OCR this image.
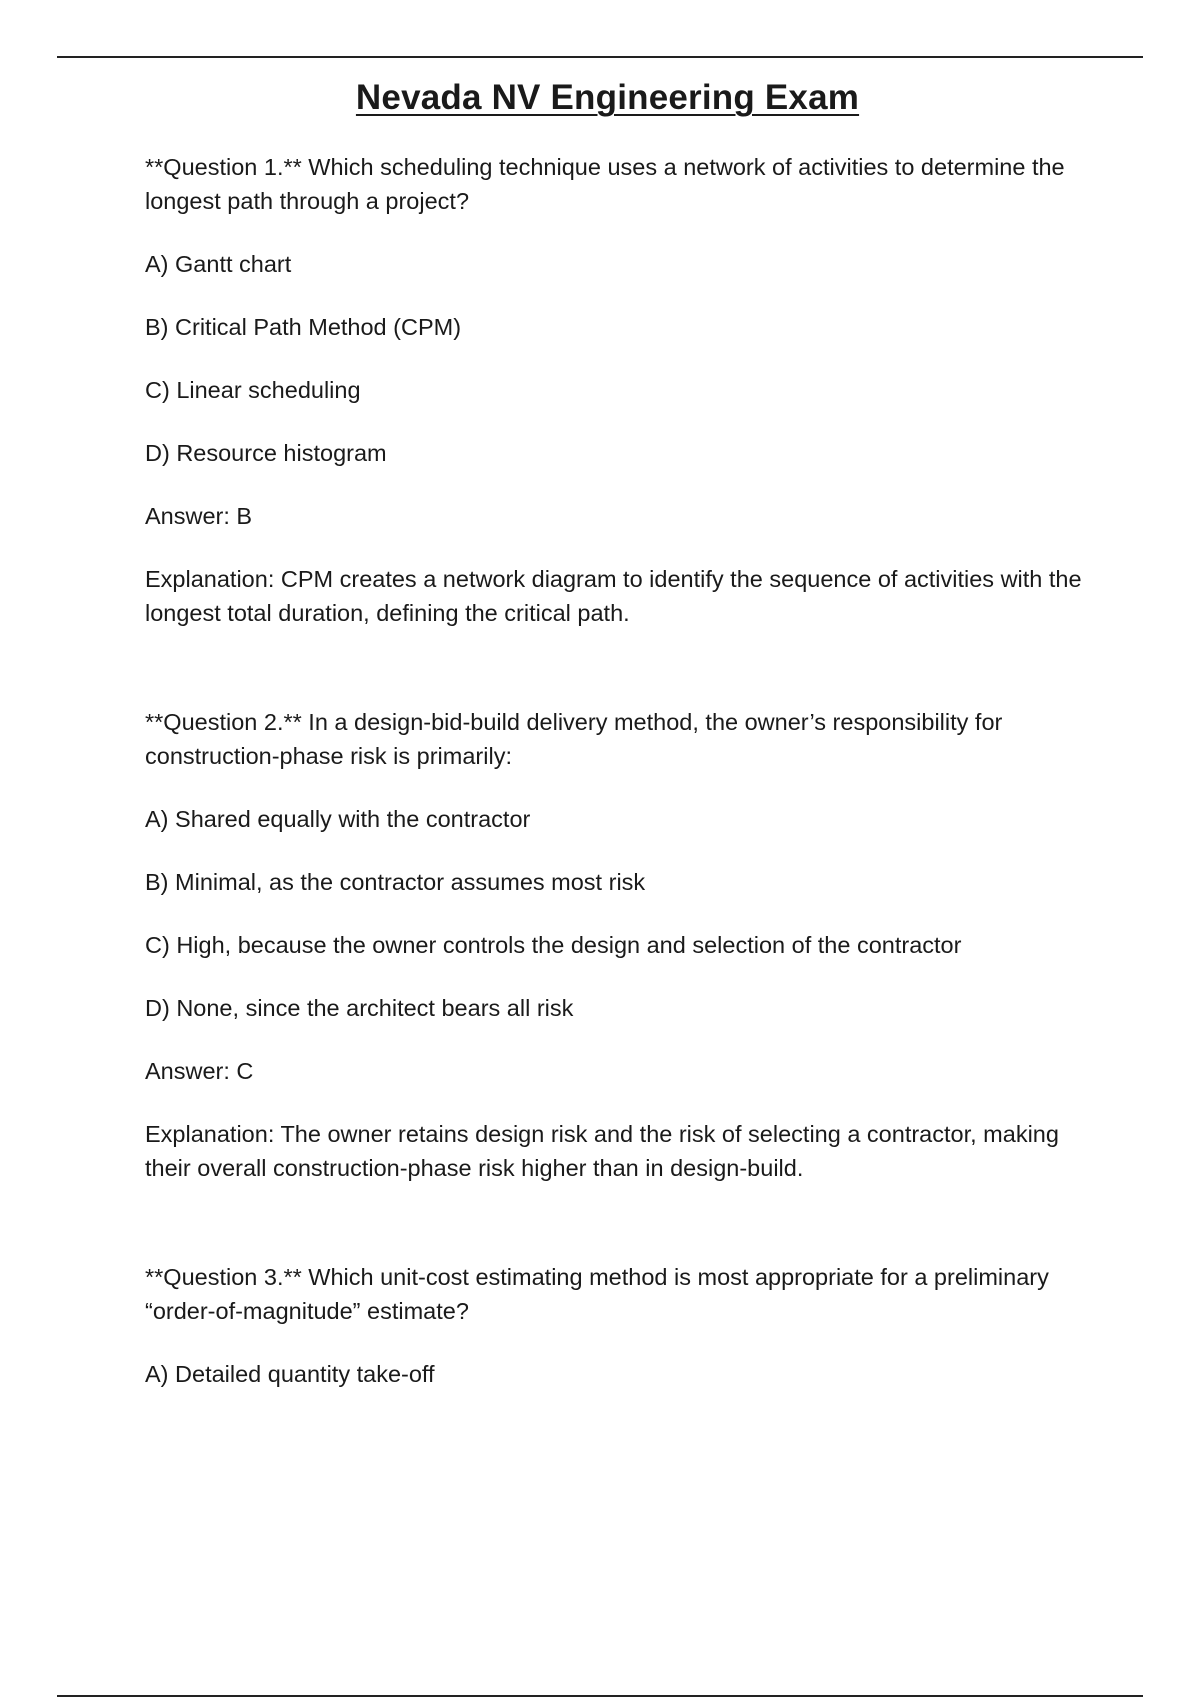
Nevada NV Engineering Exam

**Question 1.** Which scheduling technique uses a network of activities to determine the longest path through a project?

A) Gantt chart

B) Critical Path Method (CPM)

C) Linear scheduling

D) Resource histogram

Answer: B

Explanation: CPM creates a network diagram to identify the sequence of activities with the longest total duration, defining the critical path.

**Question 2.** In a design-bid-build delivery method, the owner’s responsibility for construction-phase risk is primarily:

A) Shared equally with the contractor

B) Minimal, as the contractor assumes most risk

C) High, because the owner controls the design and selection of the contractor

D) None, since the architect bears all risk

Answer: C

Explanation: The owner retains design risk and the risk of selecting a contractor, making their overall construction-phase risk higher than in design-build.

**Question 3.** Which unit-cost estimating method is most appropriate for a preliminary “order-of-magnitude” estimate?

A) Detailed quantity take-off
